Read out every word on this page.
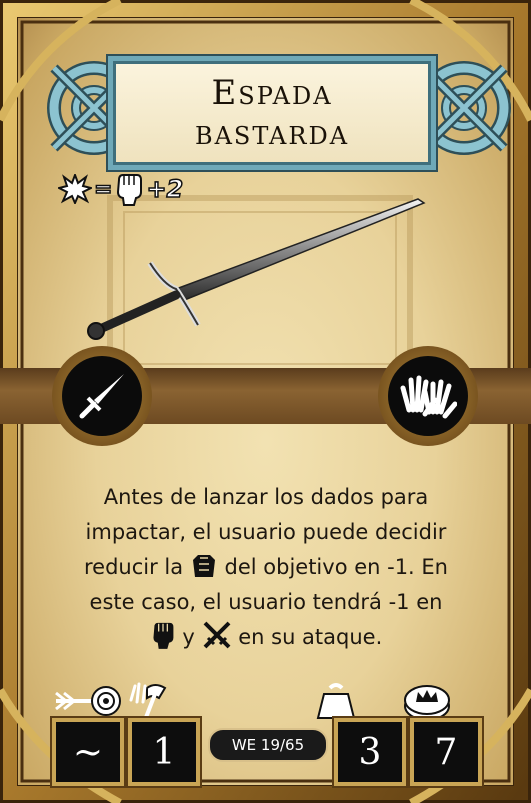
Espada
bastarda
= +2
Antes de lanzar los dados para
impactar, el usuario puede decidir
reducir la del objetivo en -1. En
este caso, el usuario tendrá -1 en
y en su ataque.
~	1	3	7
WE 19/65
